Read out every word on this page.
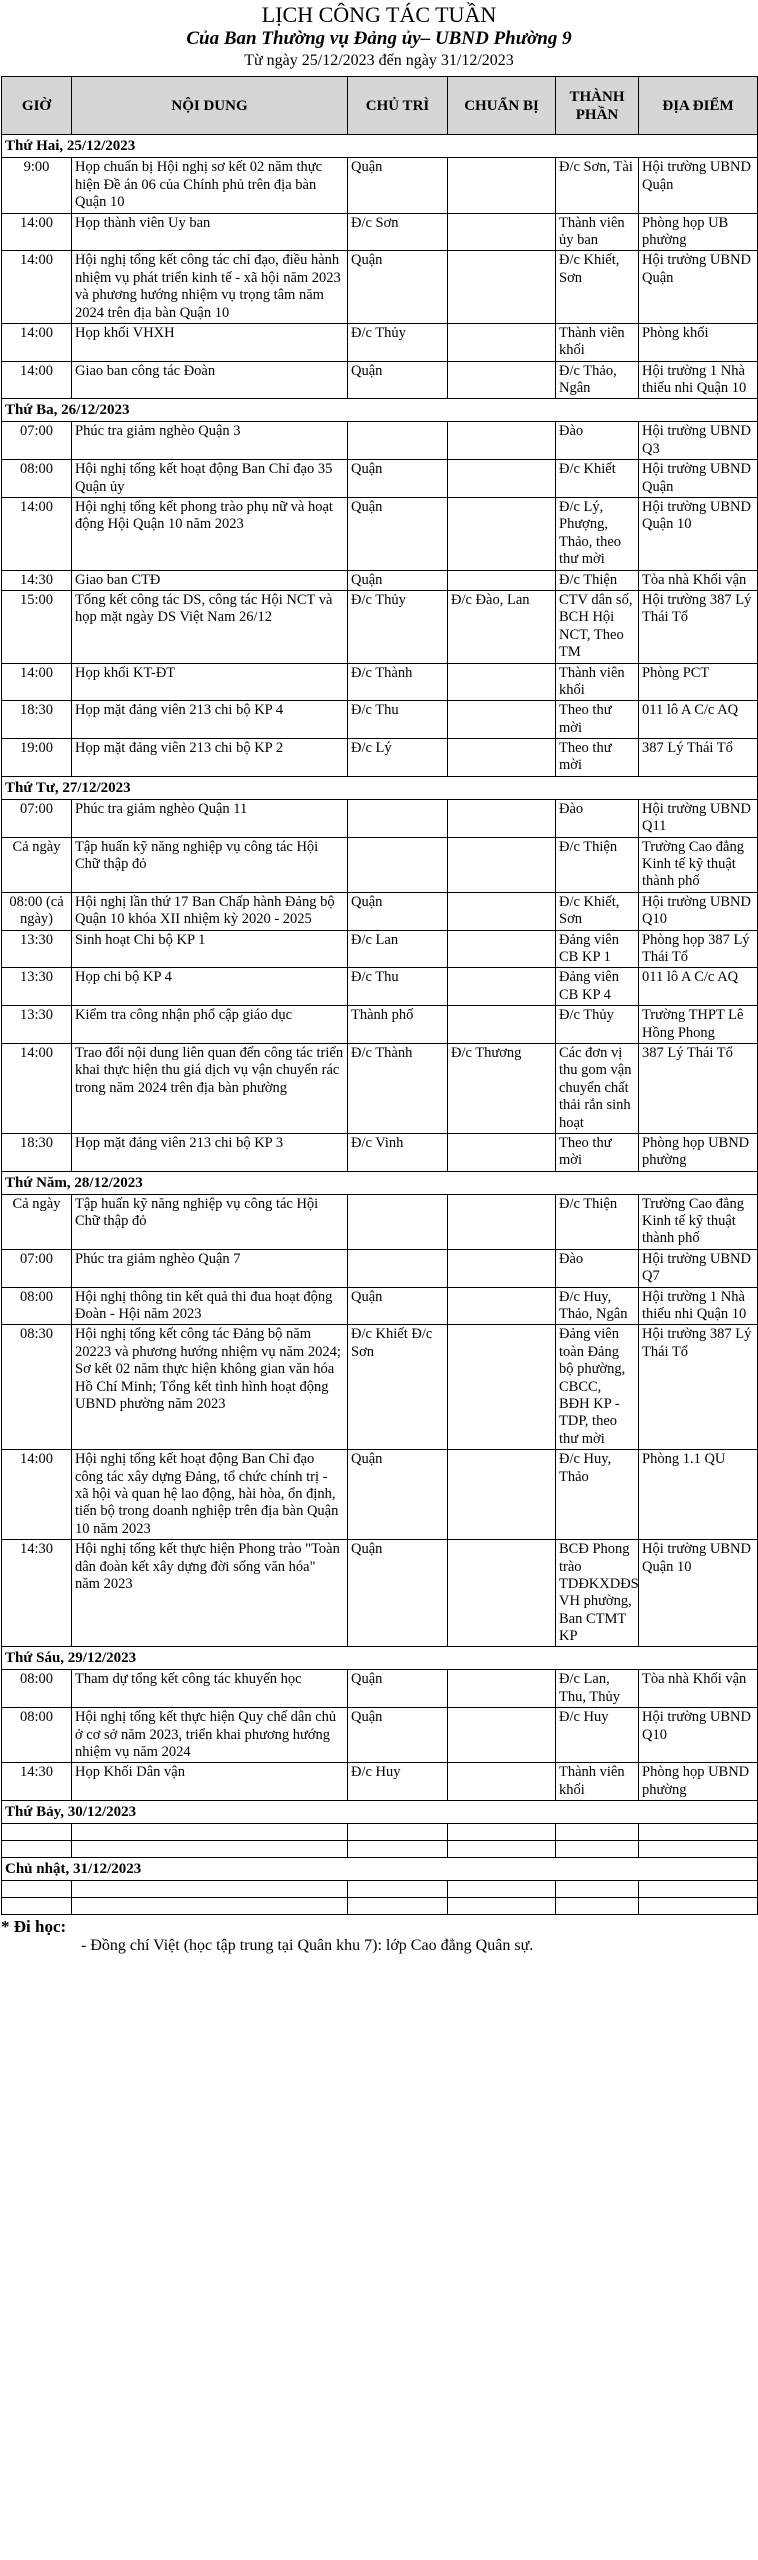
LỊCH CÔNG TÁC TUẦN
Của Ban Thường vụ Đảng ủy– UBND Phường 9
Từ ngày 25/12/2023 đến ngày 31/12/2023
GIỜ	NỘI DUNG	CHỦ TRÌ	CHUẨN BỊ	THÀNH PHẦN	ĐỊA ĐIỂM
Thứ Hai, 25/12/2023					
9:00	Họp chuẩn bị Hội nghị sơ kết 02 năm thực hiện Đề án 06 của Chính phủ trên địa bàn Quận 10	Quận		Đ/c Sơn, Tài	Hội trường UBND Quận
14:00	Họp thành viên Uy ban	Đ/c Sơn		Thành viên ủy ban	Phòng họp UB phường
14:00	Hội nghị tổng kết công tác chỉ đạo, điều hành nhiệm vụ phát triển kinh tế - xã hội năm 2023 và phương hướng nhiệm vụ trọng tâm năm 2024 trên địa bàn Quận 10	Quận		Đ/c Khiết, Sơn	Hội trường UBND Quận
14:00	Họp khối VHXH	Đ/c Thủy		Thành viên khối	Phòng khối
14:00	Giao ban công tác Đoàn	Quận		Đ/c Thảo, Ngân	Hội trường 1 Nhà thiếu nhi Quận 10
Thứ Ba, 26/12/2023					
07:00	Phúc tra giảm nghèo Quận 3			Đào	Hội trường UBND Q3
08:00	Hội nghị tổng kết hoạt động Ban Chỉ đạo 35 Quận ủy	Quận		Đ/c Khiết	Hội trường UBND Quận
14:00	Hội nghị tổng kết phong trào phụ nữ và hoạt động Hội Quận 10 năm 2023	Quận		Đ/c Lý, Phượng, Thảo, theo thư mời	Hội trường UBND Quận 10
14:30	Giao ban CTĐ	Quận		Đ/c Thiện	Tòa nhà Khối vận
15:00	Tổng kết công tác DS, công tác Hội NCT và họp mặt ngày DS Việt Nam 26/12	Đ/c Thủy	Đ/c Đào, Lan	CTV dân số, BCH Hội NCT, Theo TM	Hội trường 387 Lý Thái Tổ
14:00	Họp khối KT-ĐT	Đ/c Thành		Thành viên khối	Phòng PCT
18:30	Họp mặt đảng viên 213 chi bộ KP 4	Đ/c Thu		Theo thư mời	011 lô A C/c AQ
19:00	Họp mặt đảng viên 213 chi bộ KP 2	Đ/c Lý		Theo thư mời	387 Lý Thái Tổ
Thứ Tư, 27/12/2023					
07:00	Phúc tra giảm nghèo Quận 11			Đào	Hội trường UBND Q11
Cả ngày	Tập huấn kỹ năng nghiệp vụ công tác Hội Chữ thập đỏ			Đ/c Thiện	Trường Cao đẳng Kinh tế kỹ thuật thành phố
08:00 (cả ngày)	Hội nghị lần thứ 17 Ban Chấp hành Đảng bộ Quận 10 khóa XII nhiệm kỳ 2020 - 2025	Quận		Đ/c Khiết, Sơn	Hội trường UBND Q10
13:30	Sinh hoạt Chi bộ KP 1	Đ/c Lan		Đảng viên CB KP 1	Phòng họp 387 Lý Thái Tổ
13:30	Họp chi bộ KP 4	Đ/c Thu		Đảng viên CB KP 4	011 lô A C/c AQ
13:30	Kiểm tra công nhận phổ cập giáo dục	Thành phố		Đ/c Thủy	Trường THPT Lê Hồng Phong
14:00	Trao đổi nội dung liên quan đến công tác triển khai thực hiện thu giá dịch vụ vận chuyển rác trong năm 2024 trên địa bàn phường	Đ/c Thành	Đ/c Thương	Các đơn vị thu gom vận chuyển chất thải rắn sinh hoạt	387 Lý Thái Tổ
18:30	Họp mặt đảng viên 213 chi bộ KP 3	Đ/c Vinh		Theo thư mời	Phòng họp UBND phường
Thứ Năm, 28/12/2023					
Cả ngày	Tập huấn kỹ năng nghiệp vụ công tác Hội Chữ thập đỏ			Đ/c Thiện	Trường Cao đẳng Kinh tế kỹ thuật thành phố
07:00	Phúc tra giảm nghèo Quận 7			Đào	Hội trường UBND Q7
08:00	Hội nghị thông tin kết quả thi đua hoạt động Đoàn - Hội năm 2023	Quận		Đ/c Huy, Thảo, Ngân	Hội trường 1 Nhà thiếu nhi Quận 10
08:30	Hội nghị tổng kết công tác Đảng bộ năm 20223 và phương hướng nhiệm vụ năm 2024; Sơ kết 02 năm thực hiện không gian văn hóa Hồ Chí Minh; Tổng kết tình hình hoạt động UBND phường năm 2023	Đ/c Khiết Đ/c Sơn		Đảng viên toàn Đảng bộ phường, CBCC, BĐH KP - TDP, theo thư mời	Hội trường 387 Lý Thái Tổ
14:00	Hội nghị tổng kết hoạt động Ban Chỉ đạo công tác xây dựng Đảng, tổ chức chính trị - xã hội và quan hệ lao động, hài hòa, ổn định, tiến bộ trong doanh nghiệp trên địa bàn Quận 10 năm 2023	Quận		Đ/c Huy, Thảo	Phòng 1.1 QU
14:30	Hội nghị tổng kết thực hiện Phong trào "Toàn dân đoàn kết xây dựng đời sống văn hóa" năm 2023	Quận		BCĐ Phong trào TDĐKXDĐS VH phường, Ban CTMT KP	Hội trường UBND Quận 10
Thứ Sáu, 29/12/2023					
08:00	Tham dự tổng kết công tác khuyến học	Quận		Đ/c Lan, Thu, Thủy	Tòa nhà Khối vận
08:00	Hội nghị tổng kết thực hiện Quy chế dân chủ ở cơ sở năm 2023, triển khai phương hướng nhiệm vụ năm 2024	Quận		Đ/c Huy	Hội trường UBND Q10
14:30	Họp Khối Dân vận	Đ/c Huy		Thành viên khối	Phòng họp UBND phường
Thứ Bảy, 30/12/2023					

Chủ nhật, 31/12/2023					

* Đi học:
- Đồng chí Việt (học tập trung tại Quân khu 7): lớp Cao đẳng Quân sự.
